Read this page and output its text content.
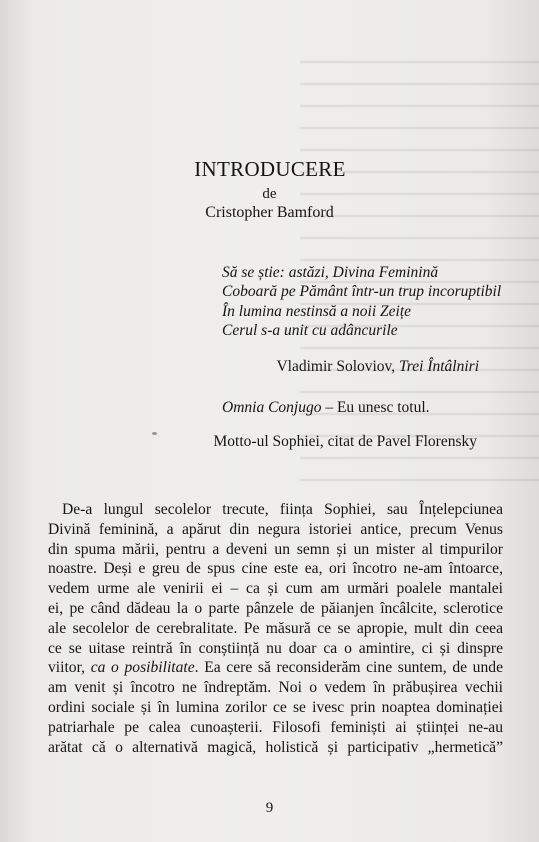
INTRODUCERE
de
Cristopher Bamford
Să se știe: astăzi, Divina Feminină
Coboară pe Pământ într-un trup incoruptibil
În lumina nestinsă a noii Zeițe
Cerul s-a unit cu adâncurile
Vladimir Soloviov, Trei Întâlniri
Omnia Conjugo – Eu unesc totul.
Motto-ul Sophiei, citat de Pavel Florensky
De-a lungul secolelor trecute, ființa Sophiei, sau Înțelepciunea
Divină feminină, a apărut din negura istoriei antice, precum Venus
din spuma mării, pentru a deveni un semn și un mister al timpurilor
noastre. Deși e greu de spus cine este ea, ori încotro ne-am întoarce,
vedem urme ale venirii ei – ca și cum am urmări poalele mantalei
ei, pe când dădeau la o parte pânzele de păianjen încâlcite, sclerotice
ale secolelor de cerebralitate. Pe măsură ce se apropie, mult din ceea
ce se uitase reintră în conștiință nu doar ca o amintire, ci și dinspre
viitor, ca o posibilitate. Ea cere să reconsiderăm cine suntem, de unde
am venit și încotro ne îndreptăm. Noi o vedem în prăbușirea vechii
ordini sociale și în lumina zorilor ce se ivesc prin noaptea dominației
patriarhale pe calea cunoașterii. Filosofi feminiști ai științei ne-au
arătat că o alternativă magică, holistică și participativ „hermetică”
9
